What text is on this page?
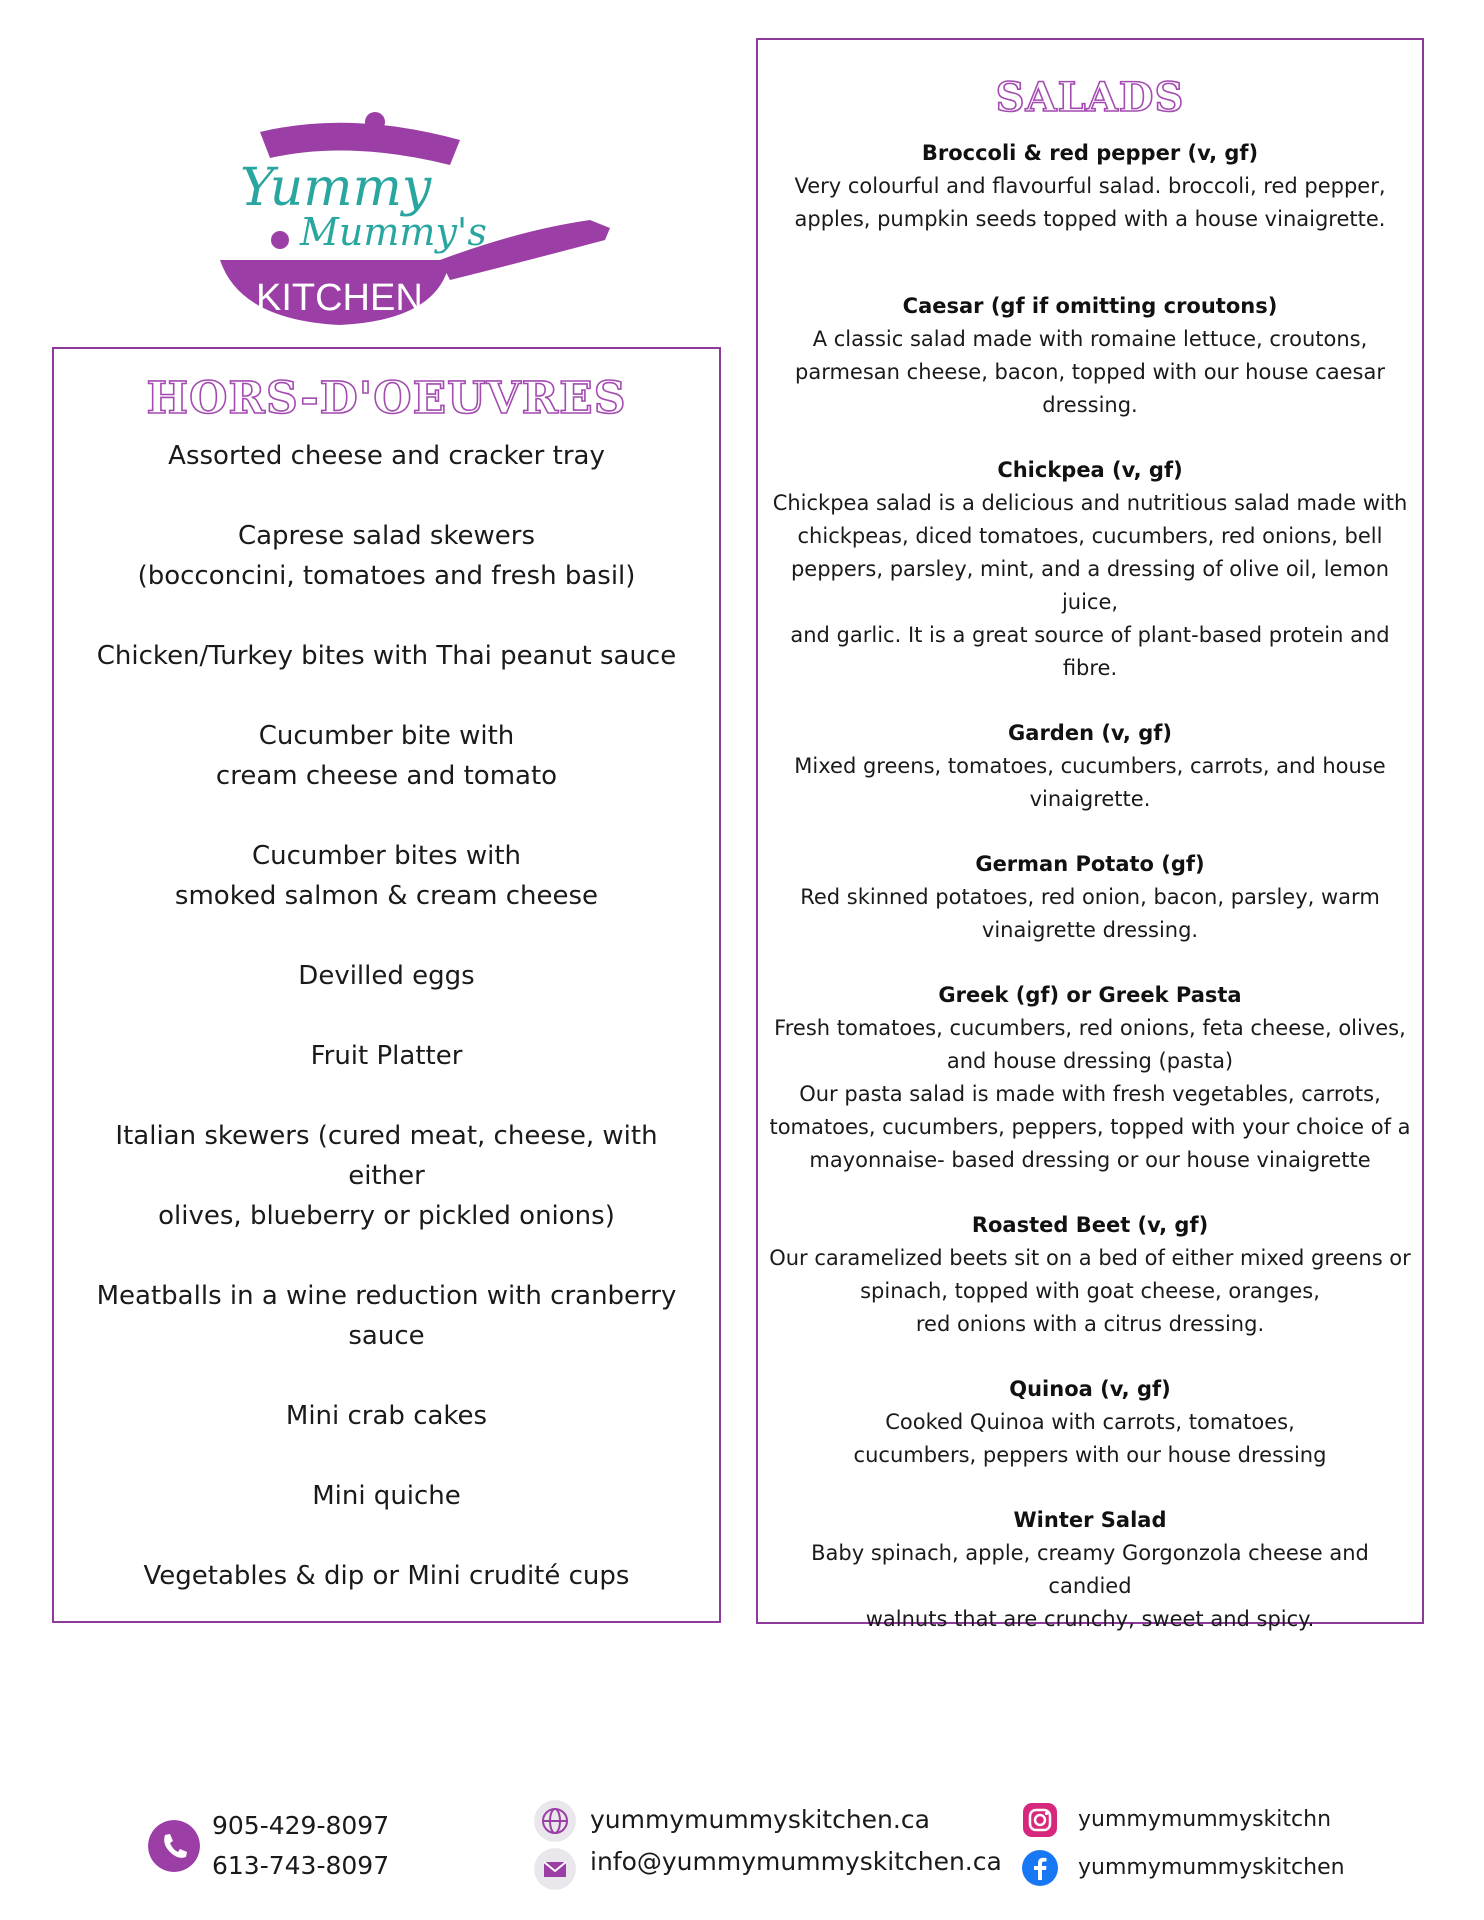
Yummy
Mummy's
KITCHEN
HORS-D'OEUVRES
Assorted cheese and cracker tray
Caprese salad skewers
(bocconcini, tomatoes and fresh basil)
Chicken/Turkey bites with Thai peanut sauce
Cucumber bite with
cream cheese and tomato
Cucumber bites with
smoked salmon & cream cheese
Devilled eggs
Fruit Platter
Italian skewers (cured meat, cheese, with either
olives, blueberry or pickled onions)
Meatballs in a wine reduction with cranberry
sauce
Mini crab cakes
Mini quiche
Vegetables & dip or Mini crudité cups
SALADS

Broccoli & red pepper (v, gf)

Very colourful and flavourful salad. broccoli, red pepper,
apples, pumpkin seeds topped with a house vinaigrette.

Caesar (gf if omitting croutons)

A classic salad made with romaine lettuce, croutons,
parmesan cheese, bacon, topped with our house caesar
dressing.

Chickpea (v, gf)

Chickpea salad is a delicious and nutritious salad made with
chickpeas, diced tomatoes, cucumbers, red onions, bell
peppers, parsley, mint, and a dressing of olive oil, lemon juice,
and garlic. It is a great source of plant-based protein and
fibre.

Garden (v, gf)

Mixed greens, tomatoes, cucumbers, carrots, and house
vinaigrette.

German Potato (gf)

Red skinned potatoes, red onion, bacon, parsley, warm
vinaigrette dressing.

Greek (gf) or Greek Pasta

Fresh tomatoes, cucumbers, red onions, feta cheese, olives,
and house dressing (pasta)
Our pasta salad is made with fresh vegetables, carrots,
tomatoes, cucumbers, peppers, topped with your choice of a
mayonnaise- based dressing or our house vinaigrette

Roasted Beet (v, gf)

Our caramelized beets sit on a bed of either mixed greens or
spinach, topped with goat cheese, oranges,
red onions with a citrus dressing.

Quinoa (v, gf)

Cooked Quinoa with carrots, tomatoes,
cucumbers, peppers with our house dressing

Winter Salad

Baby spinach, apple, creamy Gorgonzola cheese and candied
walnuts that are crunchy, sweet and spicy.

905-429-8097
613-743-8097
yummymummyskitchen.ca
info@yummymummyskitchen.ca
yummymummyskitchn
yummymummyskitchen
